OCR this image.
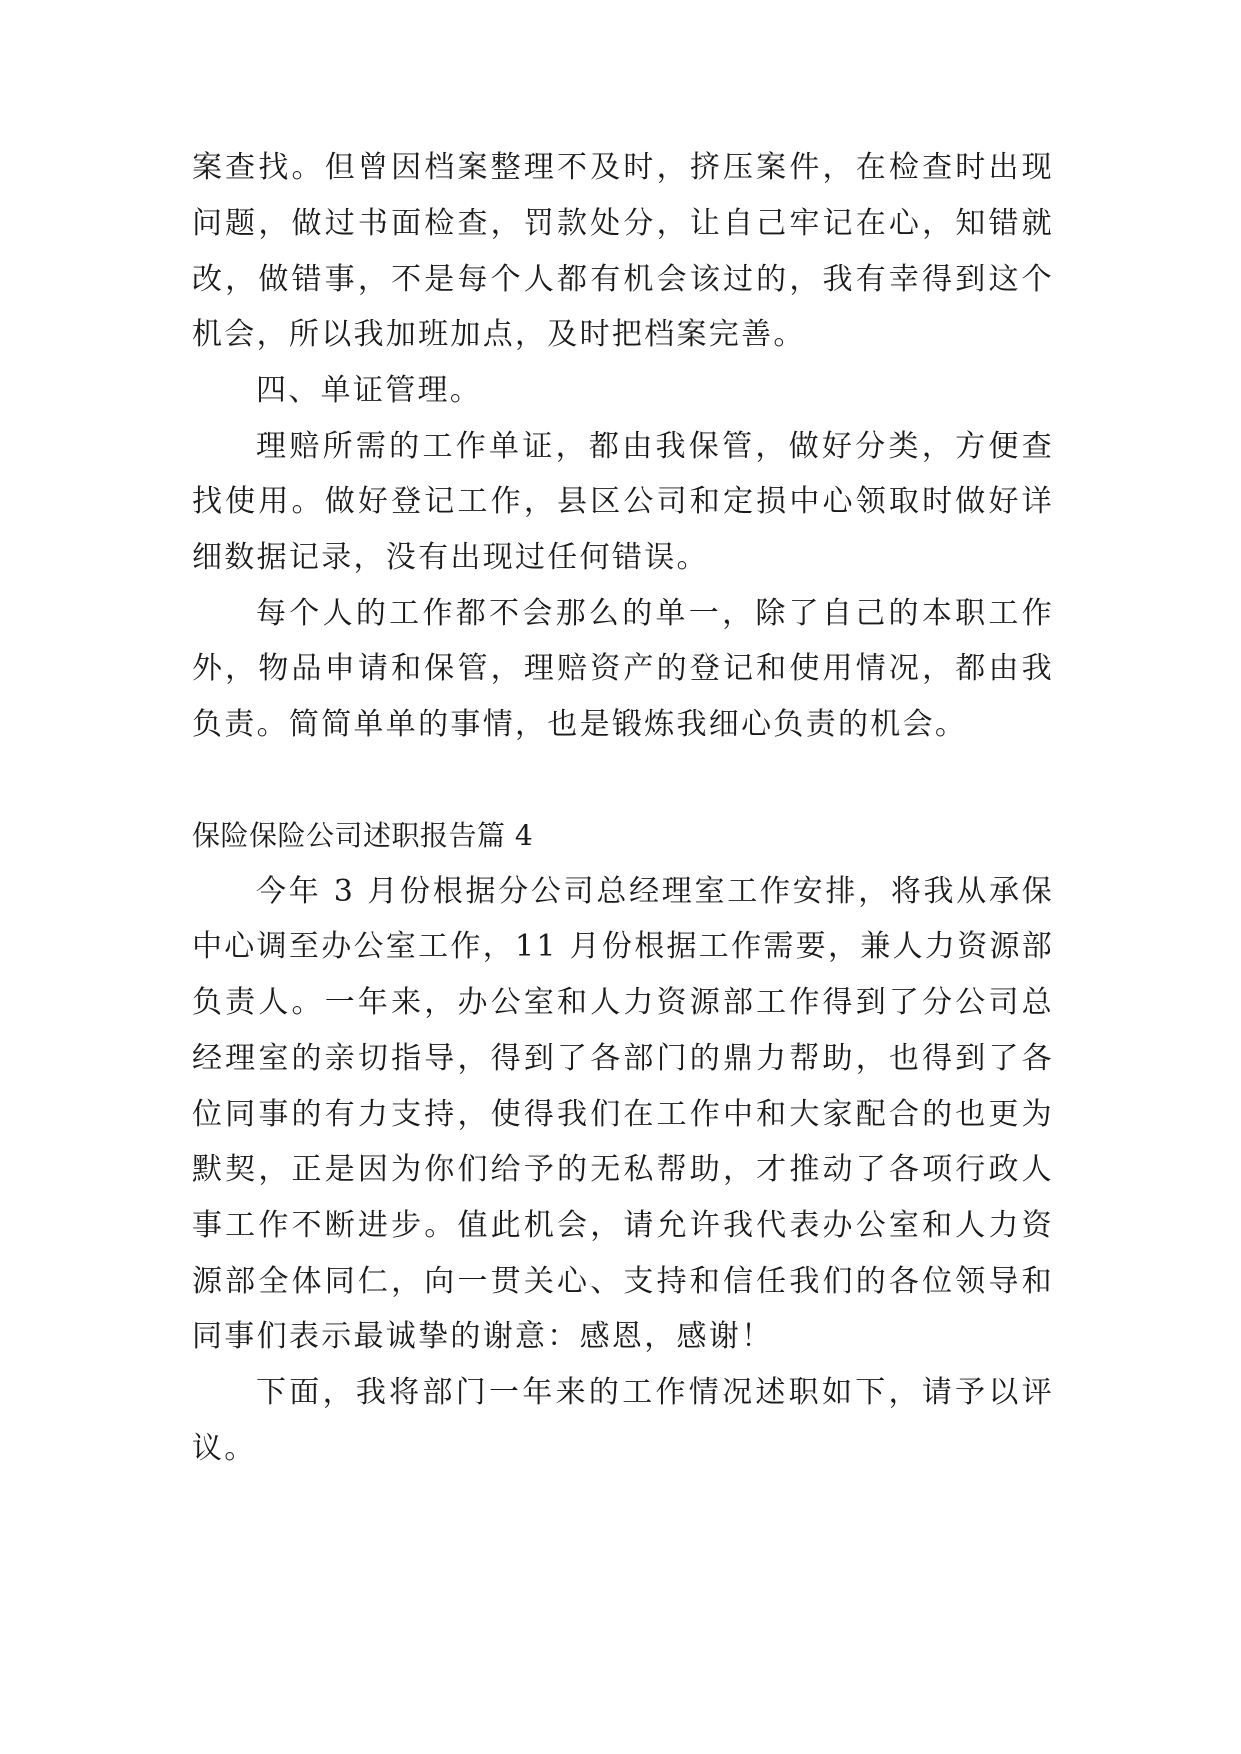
案查找。但曾因档案整理不及时，挤压案件，在检查时出现
问题，做过书面检查，罚款处分，让自己牢记在心，知错就
改，做错事，不是每个人都有机会该过的，我有幸得到这个
机会，所以我加班加点，及时把档案完善。
四、单证管理。
理赔所需的工作单证，都由我保管，做好分类，方便查
找使用。做好登记工作，县区公司和定损中心领取时做好详
细数据记录，没有出现过任何错误。
每个人的工作都不会那么的单一，除了自己的本职工作
外，物品申请和保管，理赔资产的登记和使用情况，都由我
负责。简简单单的事情，也是锻炼我细心负责的机会。
保险保险公司述职报告篇 4
今年 3 月份根据分公司总经理室工作安排，将我从承保
中心调至办公室工作，11 月份根据工作需要，兼人力资源部
负责人。一年来，办公室和人力资源部工作得到了分公司总
经理室的亲切指导，得到了各部门的鼎力帮助，也得到了各
位同事的有力支持，使得我们在工作中和大家配合的也更为
默契，正是因为你们给予的无私帮助，才推动了各项行政人
事工作不断进步。值此机会，请允许我代表办公室和人力资
源部全体同仁，向一贯关心、支持和信任我们的各位领导和
同事们表示最诚挚的谢意：感恩，感谢！
下面，我将部门一年来的工作情况述职如下，请予以评
议。
